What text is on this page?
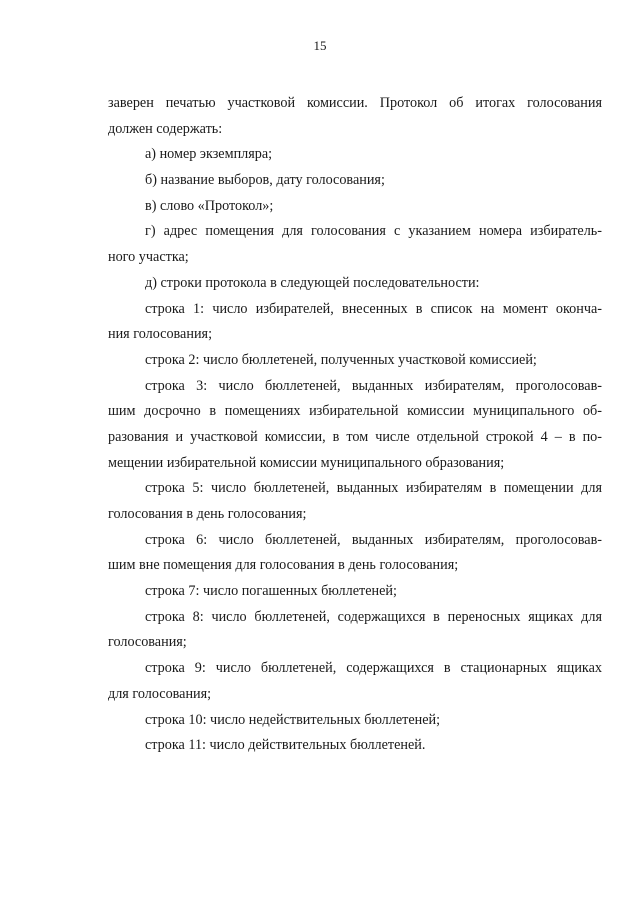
15
заверен печатью участковой комиссии. Протокол об итогах голосования
должен содержать:
а) номер экземпляра;
б) название выборов, дату голосования;
в) слово «Протокол»;
г) адрес помещения для голосования с указанием номера избиратель-
ного участка;
д) строки протокола в следующей последовательности:
строка 1: число избирателей, внесенных в список на момент оконча-
ния голосования;
строка 2: число бюллетеней, полученных участковой комиссией;
строка 3: число бюллетеней, выданных избирателям, проголосовав-
шим досрочно в помещениях избирательной комиссии муниципального об-
разования и участковой комиссии, в том числе отдельной строкой 4 – в по-
мещении избирательной комиссии муниципального образования;
строка 5: число бюллетеней, выданных избирателям в помещении для
голосования в день голосования;
строка 6: число бюллетеней, выданных избирателям, проголосовав-
шим вне помещения для голосования в день голосования;
строка 7: число погашенных бюллетеней;
строка 8: число бюллетеней, содержащихся в переносных ящиках для
голосования;
строка 9: число бюллетеней, содержащихся в стационарных ящиках
для голосования;
строка 10: число недействительных бюллетеней;
строка 11: число действительных бюллетеней.
